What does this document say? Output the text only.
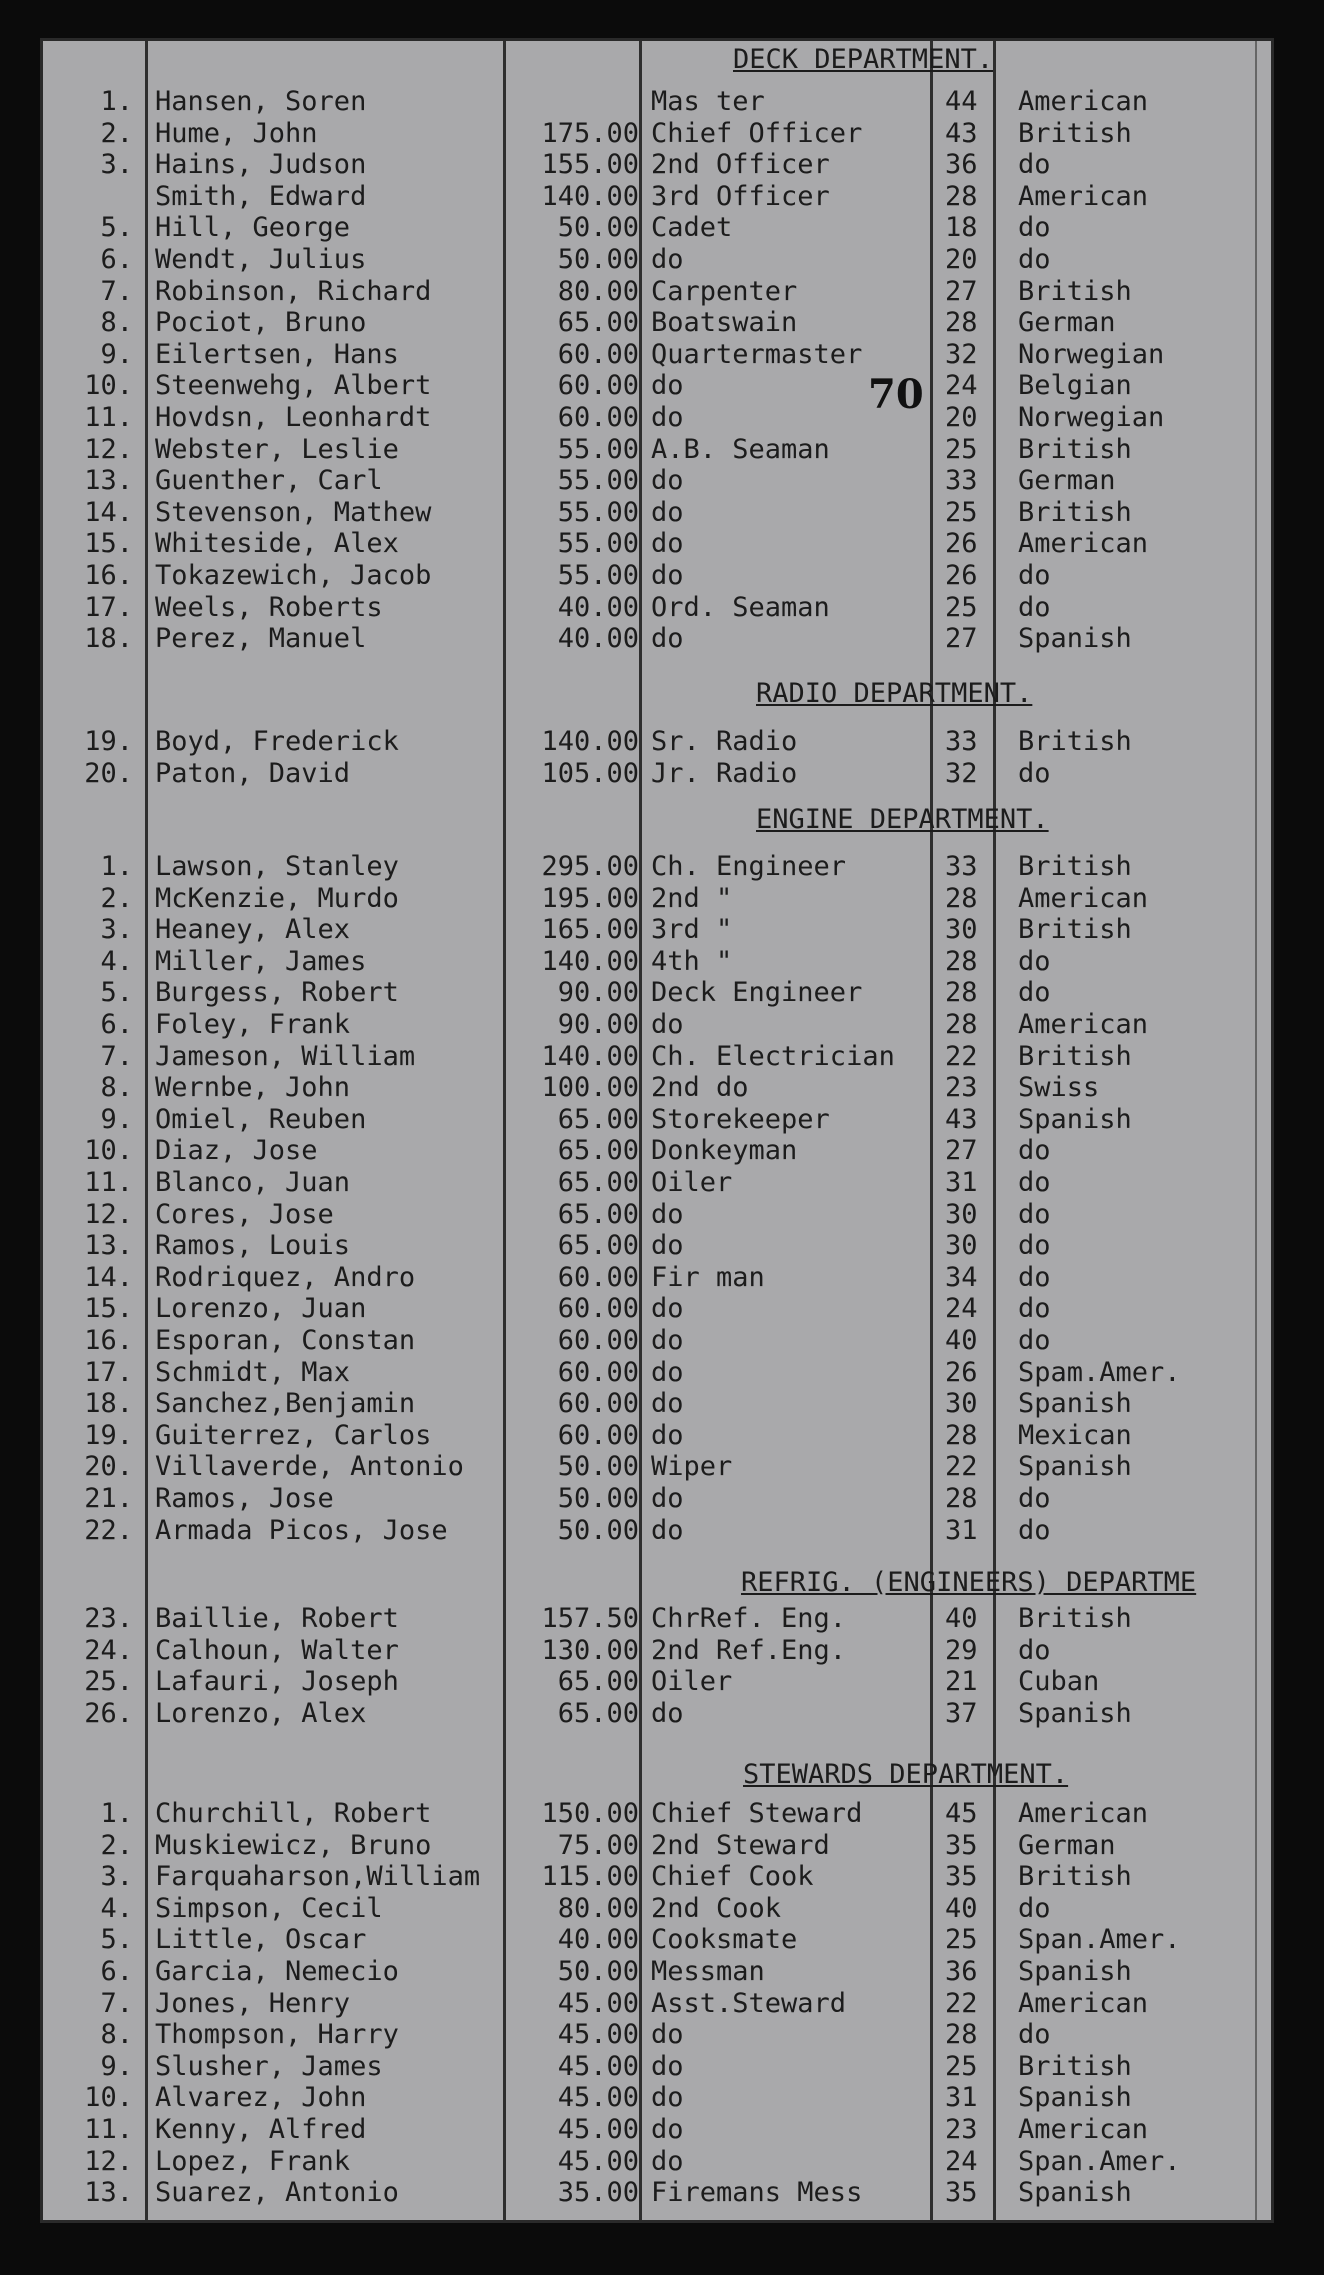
70
DECK DEPARTMENT.
1. Hansen, Soren	Mas ter	44 American
2. Hume, John	175.00 Chief Officer	43 British
3. Hains, Judson	155.00 2nd Officer	36 do
Smith, Edward	140.00 3rd Officer	28 American
5. Hill, George	50.00 Cadet	18 do
6. Wendt, Julius	50.00 do	20 do
7. Robinson, Richard	80.00 Carpenter	27 British
8. Pociot, Bruno	65.00 Boatswain	28 German
9. Eilertsen, Hans	60.00 Quartermaster	32 Norwegian
10. Steenwehg, Albert	60.00 do	24 Belgian
11. Hovdsn, Leonhardt	60.00 do	20 Norwegian
12. Webster, Leslie	55.00 A.B. Seaman	25 British
13. Guenther, Carl	55.00 do	33 German
14. Stevenson, Mathew	55.00 do	25 British
15. Whiteside, Alex	55.00 do	26 American
16. Tokazewich, Jacob	55.00 do	26 do
17. Weels, Roberts	40.00 Ord. Seaman	25 do
18. Perez, Manuel	40.00 do	27 Spanish
RADIO DEPARTMENT.
19. Boyd, Frederick	140.00 Sr. Radio	33 British
20. Paton, David	105.00 Jr. Radio	32 do
ENGINE DEPARTMENT.
1. Lawson, Stanley	295.00 Ch. Engineer	33 British
2. McKenzie, Murdo	195.00 2nd "	28 American
3. Heaney, Alex	165.00 3rd "	30 British
4. Miller, James	140.00 4th "	28 do
5. Burgess, Robert	90.00 Deck Engineer	28 do
6. Foley, Frank	90.00 do	28 American
7. Jameson, William	140.00 Ch. Electrician 22 British
8. Wernbe, John	100.00 2nd do	23 Swiss
9. Omiel, Reuben	65.00 Storekeeper	43 Spanish
10. Diaz, Jose	65.00 Donkeyman	27 do
11. Blanco, Juan	65.00 Oiler	31 do
12. Cores, Jose	65.00 do	30 do
13. Ramos, Louis	65.00 do	30 do
14. Rodriquez, Andro	60.00 Fir man	34 do
15. Lorenzo, Juan	60.00 do	24 do
16. Esporan, Constan	60.00 do	40 do
17. Schmidt, Max	60.00 do	26 Spam.Amer.
18. Sanchez,Benjamin	60.00 do	30 Spanish
19. Guiterrez, Carlos	60.00 do	28 Mexican
20. Villaverde, Antonio	50.00 Wiper	22 Spanish
21. Ramos, Jose	50.00 do	28 do
22. Armada Picos, Jose	50.00 do	31 do
REFRIG. (ENGINEERS) DEPARTME
23. Baillie, Robert	157.50 ChrRef. Eng.	40 British
24. Calhoun, Walter	130.00 2nd Ref.Eng.	29 do
25. Lafauri, Joseph	65.00 Oiler	21 Cuban
26. Lorenzo, Alex	65.00 do	37 Spanish
STEWARDS DEPARTMENT.
1. Churchill, Robert	150.00 Chief Steward	45 American
2. Muskiewicz, Bruno	75.00 2nd Steward	35 German
3. Farquaharson,William	115.00 Chief Cook	35 British
4. Simpson, Cecil	80.00 2nd Cook	40 do
5. Little, Oscar	40.00 Cooksmate	25 Span.Amer.
6. Garcia, Nemecio	50.00 Messman	36 Spanish
7. Jones, Henry	45.00 Asst.Steward	22 American
8. Thompson, Harry	45.00 do	28 do
9. Slusher, James	45.00 do	25 British
10. Alvarez, John	45.00 do	31 Spanish
11. Kenny, Alfred	45.00 do	23 American
12. Lopez, Frank	45.00 do	24 Span.Amer.
13. Suarez, Antonio	35.00 Firemans Mess	35 Spanish
